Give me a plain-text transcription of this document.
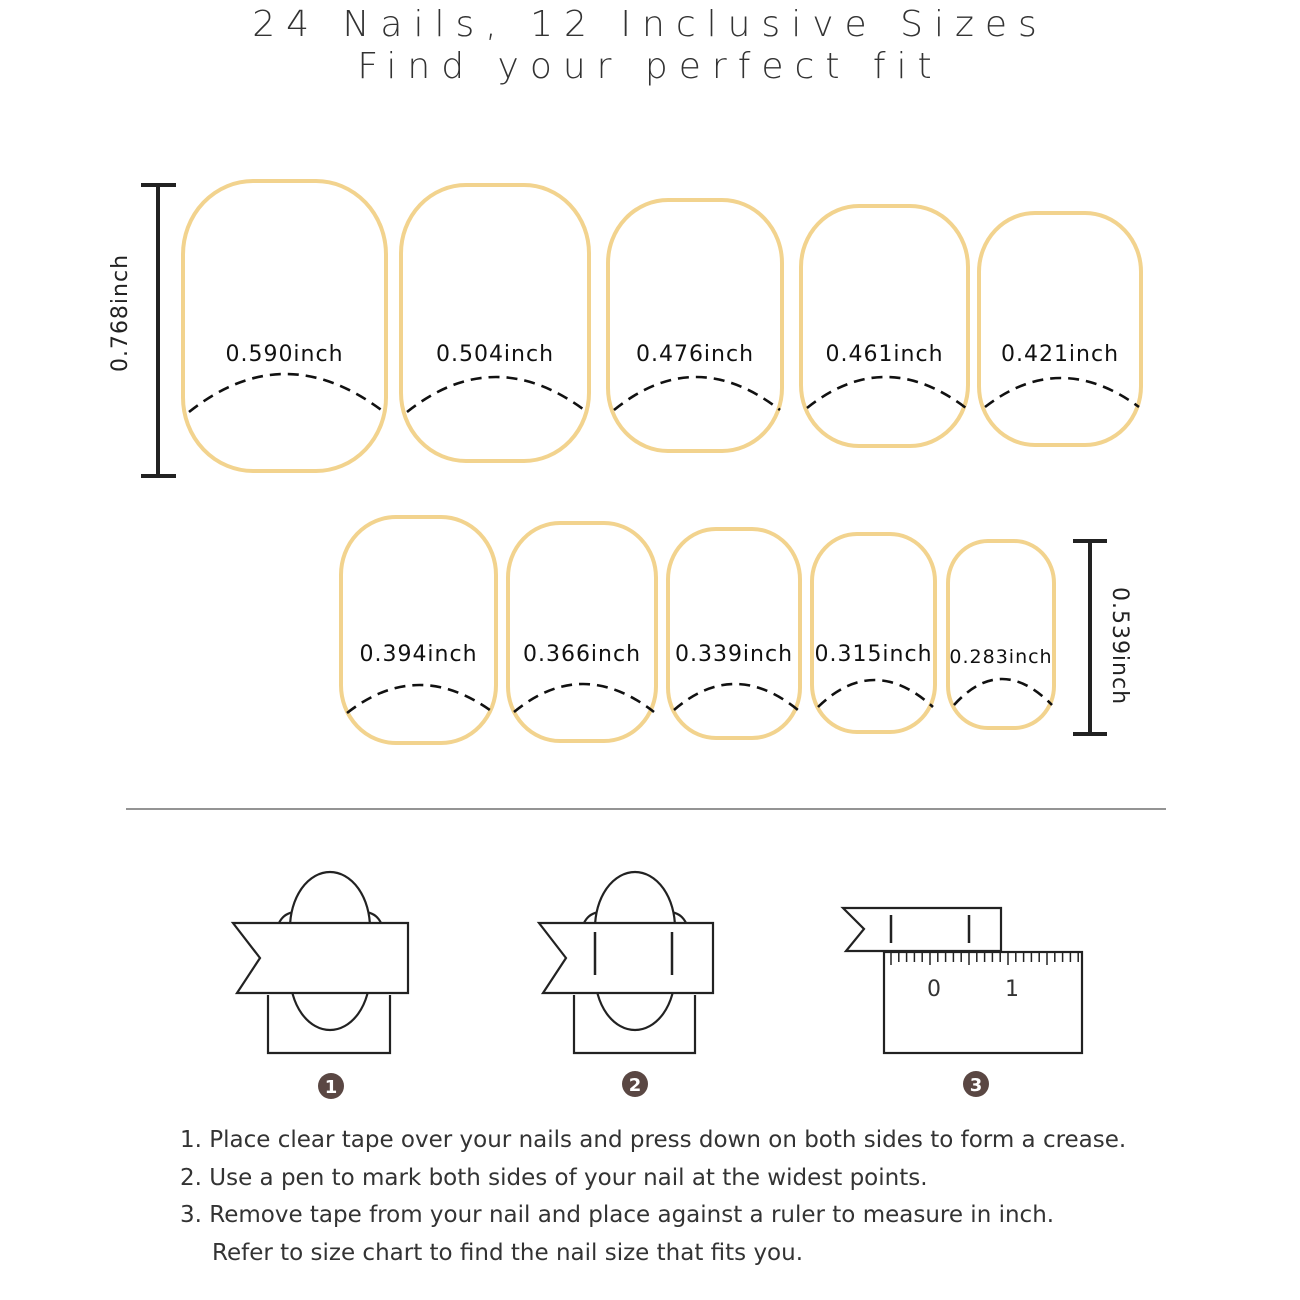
24 Nails, 12 Inclusive Sizes
Find your perfect fit
0.768inch
0.539inch
0.590inch	0.504inch	0.476inch	0.461inch	0.421inch
0.394inch 0.366inch 0.339inch 0.315inch 0.283inch
0	1
1	2	3
1. Place clear tape over your nails and press down on both sides to form a crease.
2. Use a pen to mark both sides of your nail at the widest points.
3. Remove tape from your nail and place against a ruler to measure in inch.
Refer to size chart to find the nail size that fits you.
